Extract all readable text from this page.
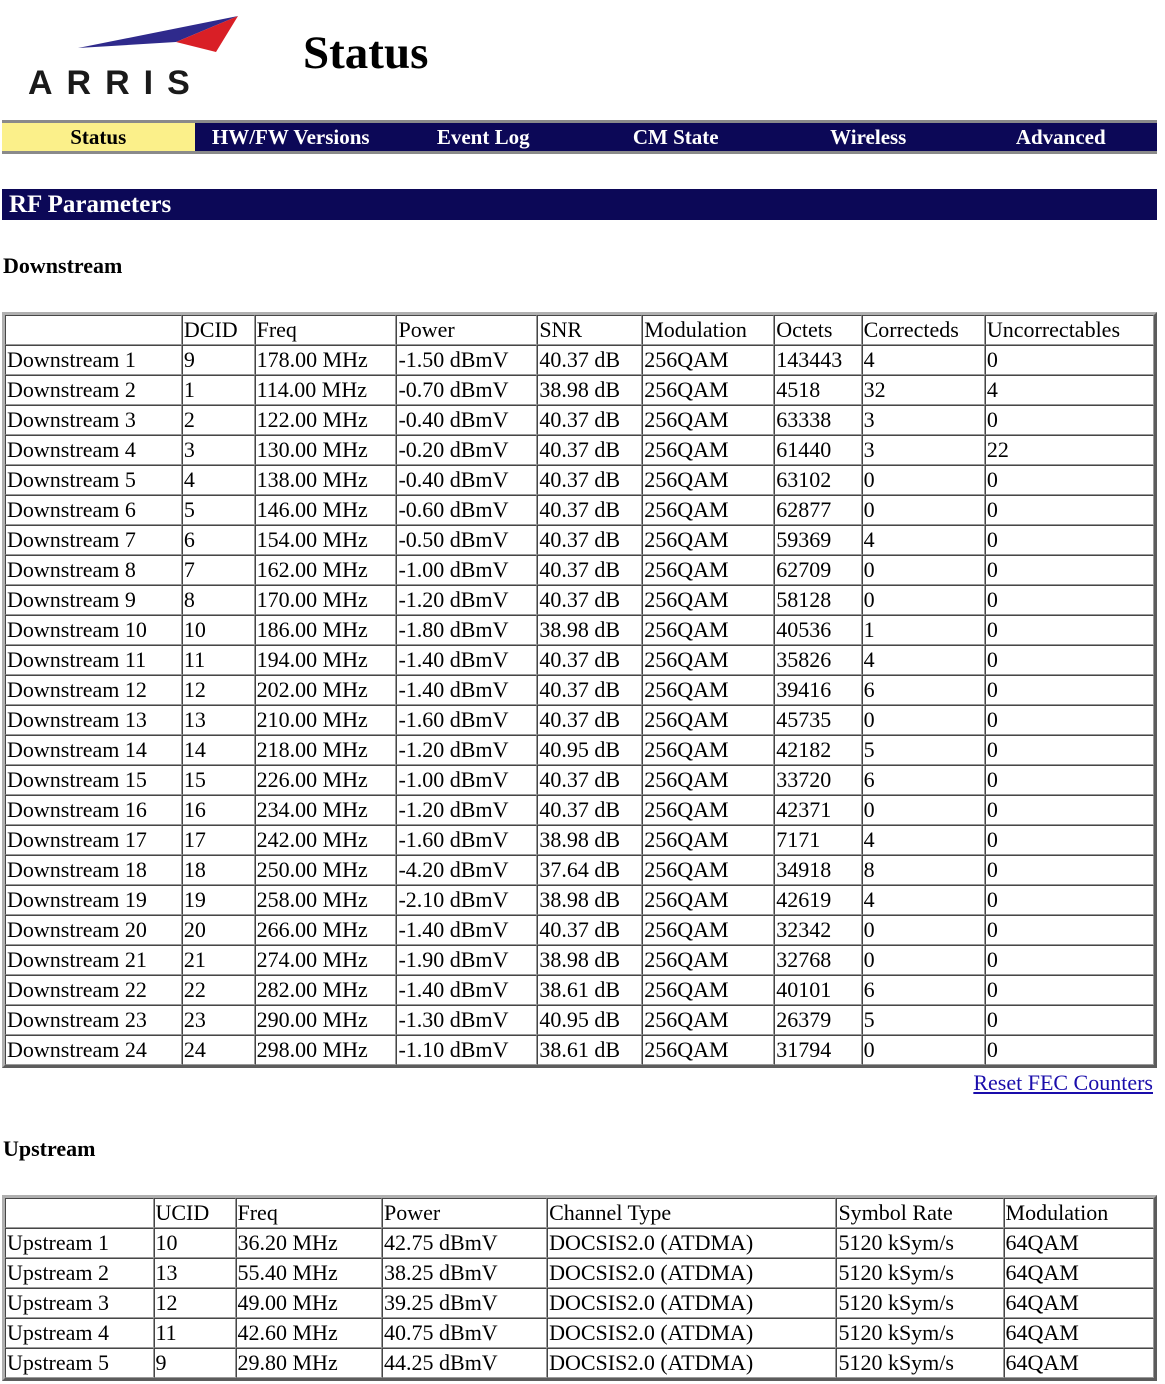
ARRIS
Status
Status	HW/FW Versions	Event Log	CM State	Wireless	Advanced
RF Parameters
Downstream
	DCID	Freq	Power	SNR	Modulation	Octets	Correcteds	Uncorrectables
Downstream 1	9	178.00 MHz	-1.50 dBmV	40.37 dB	256QAM	143443	4	0
Downstream 2	1	114.00 MHz	-0.70 dBmV	38.98 dB	256QAM	4518	32	4
Downstream 3	2	122.00 MHz	-0.40 dBmV	40.37 dB	256QAM	63338	3	0
Downstream 4	3	130.00 MHz	-0.20 dBmV	40.37 dB	256QAM	61440	3	22
Downstream 5	4	138.00 MHz	-0.40 dBmV	40.37 dB	256QAM	63102	0	0
Downstream 6	5	146.00 MHz	-0.60 dBmV	40.37 dB	256QAM	62877	0	0
Downstream 7	6	154.00 MHz	-0.50 dBmV	40.37 dB	256QAM	59369	4	0
Downstream 8	7	162.00 MHz	-1.00 dBmV	40.37 dB	256QAM	62709	0	0
Downstream 9	8	170.00 MHz	-1.20 dBmV	40.37 dB	256QAM	58128	0	0
Downstream 10	10	186.00 MHz	-1.80 dBmV	38.98 dB	256QAM	40536	1	0
Downstream 11	11	194.00 MHz	-1.40 dBmV	40.37 dB	256QAM	35826	4	0
Downstream 12	12	202.00 MHz	-1.40 dBmV	40.37 dB	256QAM	39416	6	0
Downstream 13	13	210.00 MHz	-1.60 dBmV	40.37 dB	256QAM	45735	0	0
Downstream 14	14	218.00 MHz	-1.20 dBmV	40.95 dB	256QAM	42182	5	0
Downstream 15	15	226.00 MHz	-1.00 dBmV	40.37 dB	256QAM	33720	6	0
Downstream 16	16	234.00 MHz	-1.20 dBmV	40.37 dB	256QAM	42371	0	0
Downstream 17	17	242.00 MHz	-1.60 dBmV	38.98 dB	256QAM	7171	4	0
Downstream 18	18	250.00 MHz	-4.20 dBmV	37.64 dB	256QAM	34918	8	0
Downstream 19	19	258.00 MHz	-2.10 dBmV	38.98 dB	256QAM	42619	4	0
Downstream 20	20	266.00 MHz	-1.40 dBmV	40.37 dB	256QAM	32342	0	0
Downstream 21	21	274.00 MHz	-1.90 dBmV	38.98 dB	256QAM	32768	0	0
Downstream 22	22	282.00 MHz	-1.40 dBmV	38.61 dB	256QAM	40101	6	0
Downstream 23	23	290.00 MHz	-1.30 dBmV	40.95 dB	256QAM	26379	5	0
Downstream 24	24	298.00 MHz	-1.10 dBmV	38.61 dB	256QAM	31794	0	0
Reset FEC Counters
Upstream
	UCID	Freq	Power	Channel Type	Symbol Rate	Modulation
Upstream 1	10	36.20 MHz	42.75 dBmV	DOCSIS2.0 (ATDMA)	5120 kSym/s	64QAM
Upstream 2	13	55.40 MHz	38.25 dBmV	DOCSIS2.0 (ATDMA)	5120 kSym/s	64QAM
Upstream 3	12	49.00 MHz	39.25 dBmV	DOCSIS2.0 (ATDMA)	5120 kSym/s	64QAM
Upstream 4	11	42.60 MHz	40.75 dBmV	DOCSIS2.0 (ATDMA)	5120 kSym/s	64QAM
Upstream 5	9	29.80 MHz	44.25 dBmV	DOCSIS2.0 (ATDMA)	5120 kSym/s	64QAM
